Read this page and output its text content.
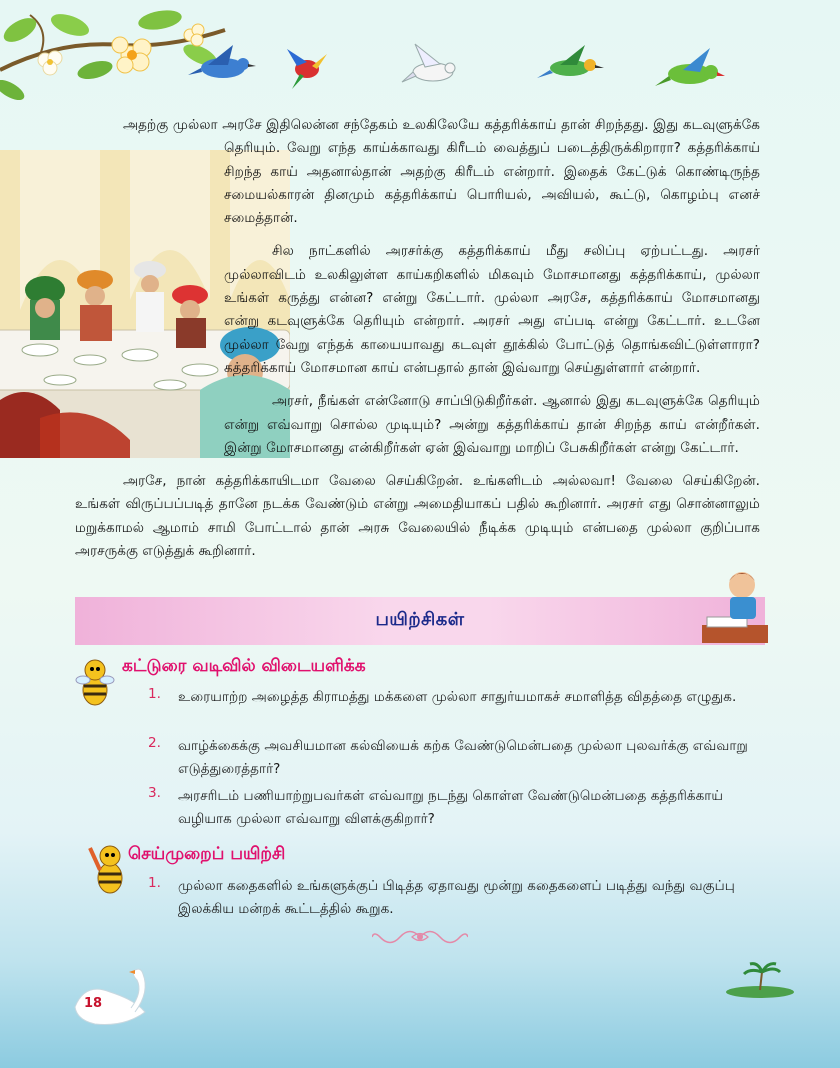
அதற்கு முல்லா அரசே இதிலென்ன சந்தேகம் உலகிலேயே கத்தரிக்காய் தான் சிறந்தது. இது கடவுளுக்கே தெரியும். வேறு எந்த காய்க்காவது கிரீடம் வைத்துப் படைத்திருக்கிறாரா? கத்தரிக்காய் சிறந்த காய் அதனால்தான் அதற்கு கிரீடம் என்றார். இதைக் கேட்டுக் கொண்டிருந்த சமையல்காரன் தினமும் கத்தரிக்காய் பொரியல், அவியல், கூட்டு, கொழம்பு எனச் சமைத்தான்.

சில நாட்களில் அரசர்க்கு கத்தரிக்காய் மீது சலிப்பு ஏற்பட்டது. அரசர் முல்லாவிடம் உலகிலுள்ள காய்கறிகளில் மிகவும் மோசமானது கத்தரிக்காய், முல்லா உங்கள் கருத்து என்ன? என்று கேட்டார். முல்லா அரசே, கத்தரிக்காய் மோசமானது என்று கடவுளுக்கே தெரியும் என்றார். அரசர் அது எப்படி என்று கேட்டார். உடனே முல்லா வேறு எந்தக் காயையாவது கடவுள் தூக்கில் போட்டுத் தொங்கவிட்டுள்ளாரா? கத்தரிக்காய் மோசமான காய் என்பதால் தான் இவ்வாறு செய்துள்ளார் என்றார்.

அரசர், நீங்கள் என்னோடு சாப்பிடுகிறீர்கள். ஆனால் இது கடவுளுக்கே தெரியும் என்று எவ்வாறு சொல்ல முடியும்? அன்று கத்தரிக்காய் தான் சிறந்த காய் என்றீர்கள். இன்று மோசமானது என்கிறீர்கள் ஏன் இவ்வாறு மாறிப் பேசுகிறீர்கள் என்று கேட்டார்.

அரசே, நான் கத்தரிக்காயிடமா வேலை செய்கிறேன். உங்களிடம் அல்லவா! வேலை செய்கிறேன். உங்கள் விருப்பப்படித் தானே நடக்க வேண்டும் என்று அமைதியாகப் பதில் கூறினார். அரசர் எது சொன்னாலும் மறுக்காமல் ஆமாம் சாமி போட்டால் தான் அரசு வேலையில் நீடிக்க முடியும் என்பதை முல்லா குறிப்பாக அரசருக்கு எடுத்துக் கூறினார்.

பயிற்சிகள்
கட்டுரை வடிவில் விடையளிக்க
1. உரையாற்ற அழைத்த கிராமத்து மக்களை முல்லா சாதுர்யமாகச் சமாளித்த விதத்தை எழுதுக.
2. வாழ்க்கைக்கு அவசியமான கல்வியைக் கற்க வேண்டுமென்பதை முல்லா புலவர்க்கு எவ்வாறு எடுத்துரைத்தார்?
3. அரசரிடம் பணியாற்றுபவர்கள் எவ்வாறு நடந்து கொள்ள வேண்டுமென்பதை கத்தரிக்காய் வழியாக முல்லா எவ்வாறு விளக்குகிறார்?
செய்முறைப் பயிற்சி
1. முல்லா கதைகளில் உங்களுக்குப் பிடித்த ஏதாவது மூன்று கதைகளைப் படித்து வந்து வகுப்பு இலக்கிய மன்றக் கூட்டத்தில் கூறுக.
18
